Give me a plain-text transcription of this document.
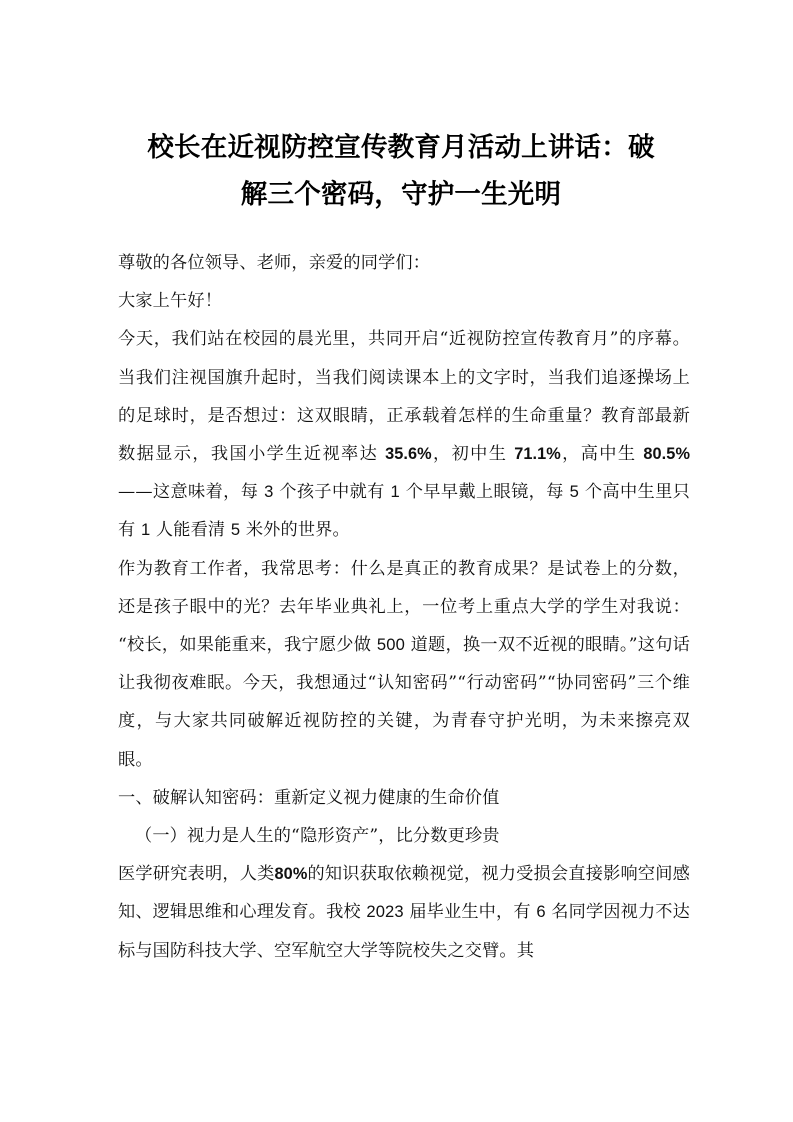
校长在近视防控宣传教育月活动上讲话：破
解三个密码，守护一生光明

尊敬的各位领导、老师，亲爱的同学们：

大家上午好！

今天，我们站在校园的晨光里，共同开启“近视防控宣传教育月”的序幕。当我们注视国旗升起时，当我们阅读课本上的文字时，当我们追逐操场上的足球时，是否想过：这双眼睛，正承载着怎样的生命重量？教育部最新数据显示，我国小学生近视率达 35.6%，初中生 71.1%，高中生 80.5%——这意味着，每 3 个孩子中就有 1 个早早戴上眼镜，每 5 个高中生里只有 1 人能看清 5 米外的世界。

作为教育工作者，我常思考：什么是真正的教育成果？是试卷上的分数，还是孩子眼中的光？去年毕业典礼上，一位考上重点大学的学生对我说：“校长，如果能重来，我宁愿少做 500 道题，换一双不近视的眼睛。”这句话让我彻夜难眠。今天，我想通过“认知密码”“行动密码”“协同密码”三个维度，与大家共同破解近视防控的关键，为青春守护光明，为未来擦亮双眼。

一、破解认知密码：重新定义视力健康的生命价值

（一）视力是人生的“隐形资产”，比分数更珍贵

医学研究表明，人类80%的知识获取依赖视觉，视力受损会直接影响空间感知、逻辑思维和心理发育。我校 2023 届毕业生中，有 6 名同学因视力不达标与国防科技大学、空军航空大学等院校失之交臂。其
